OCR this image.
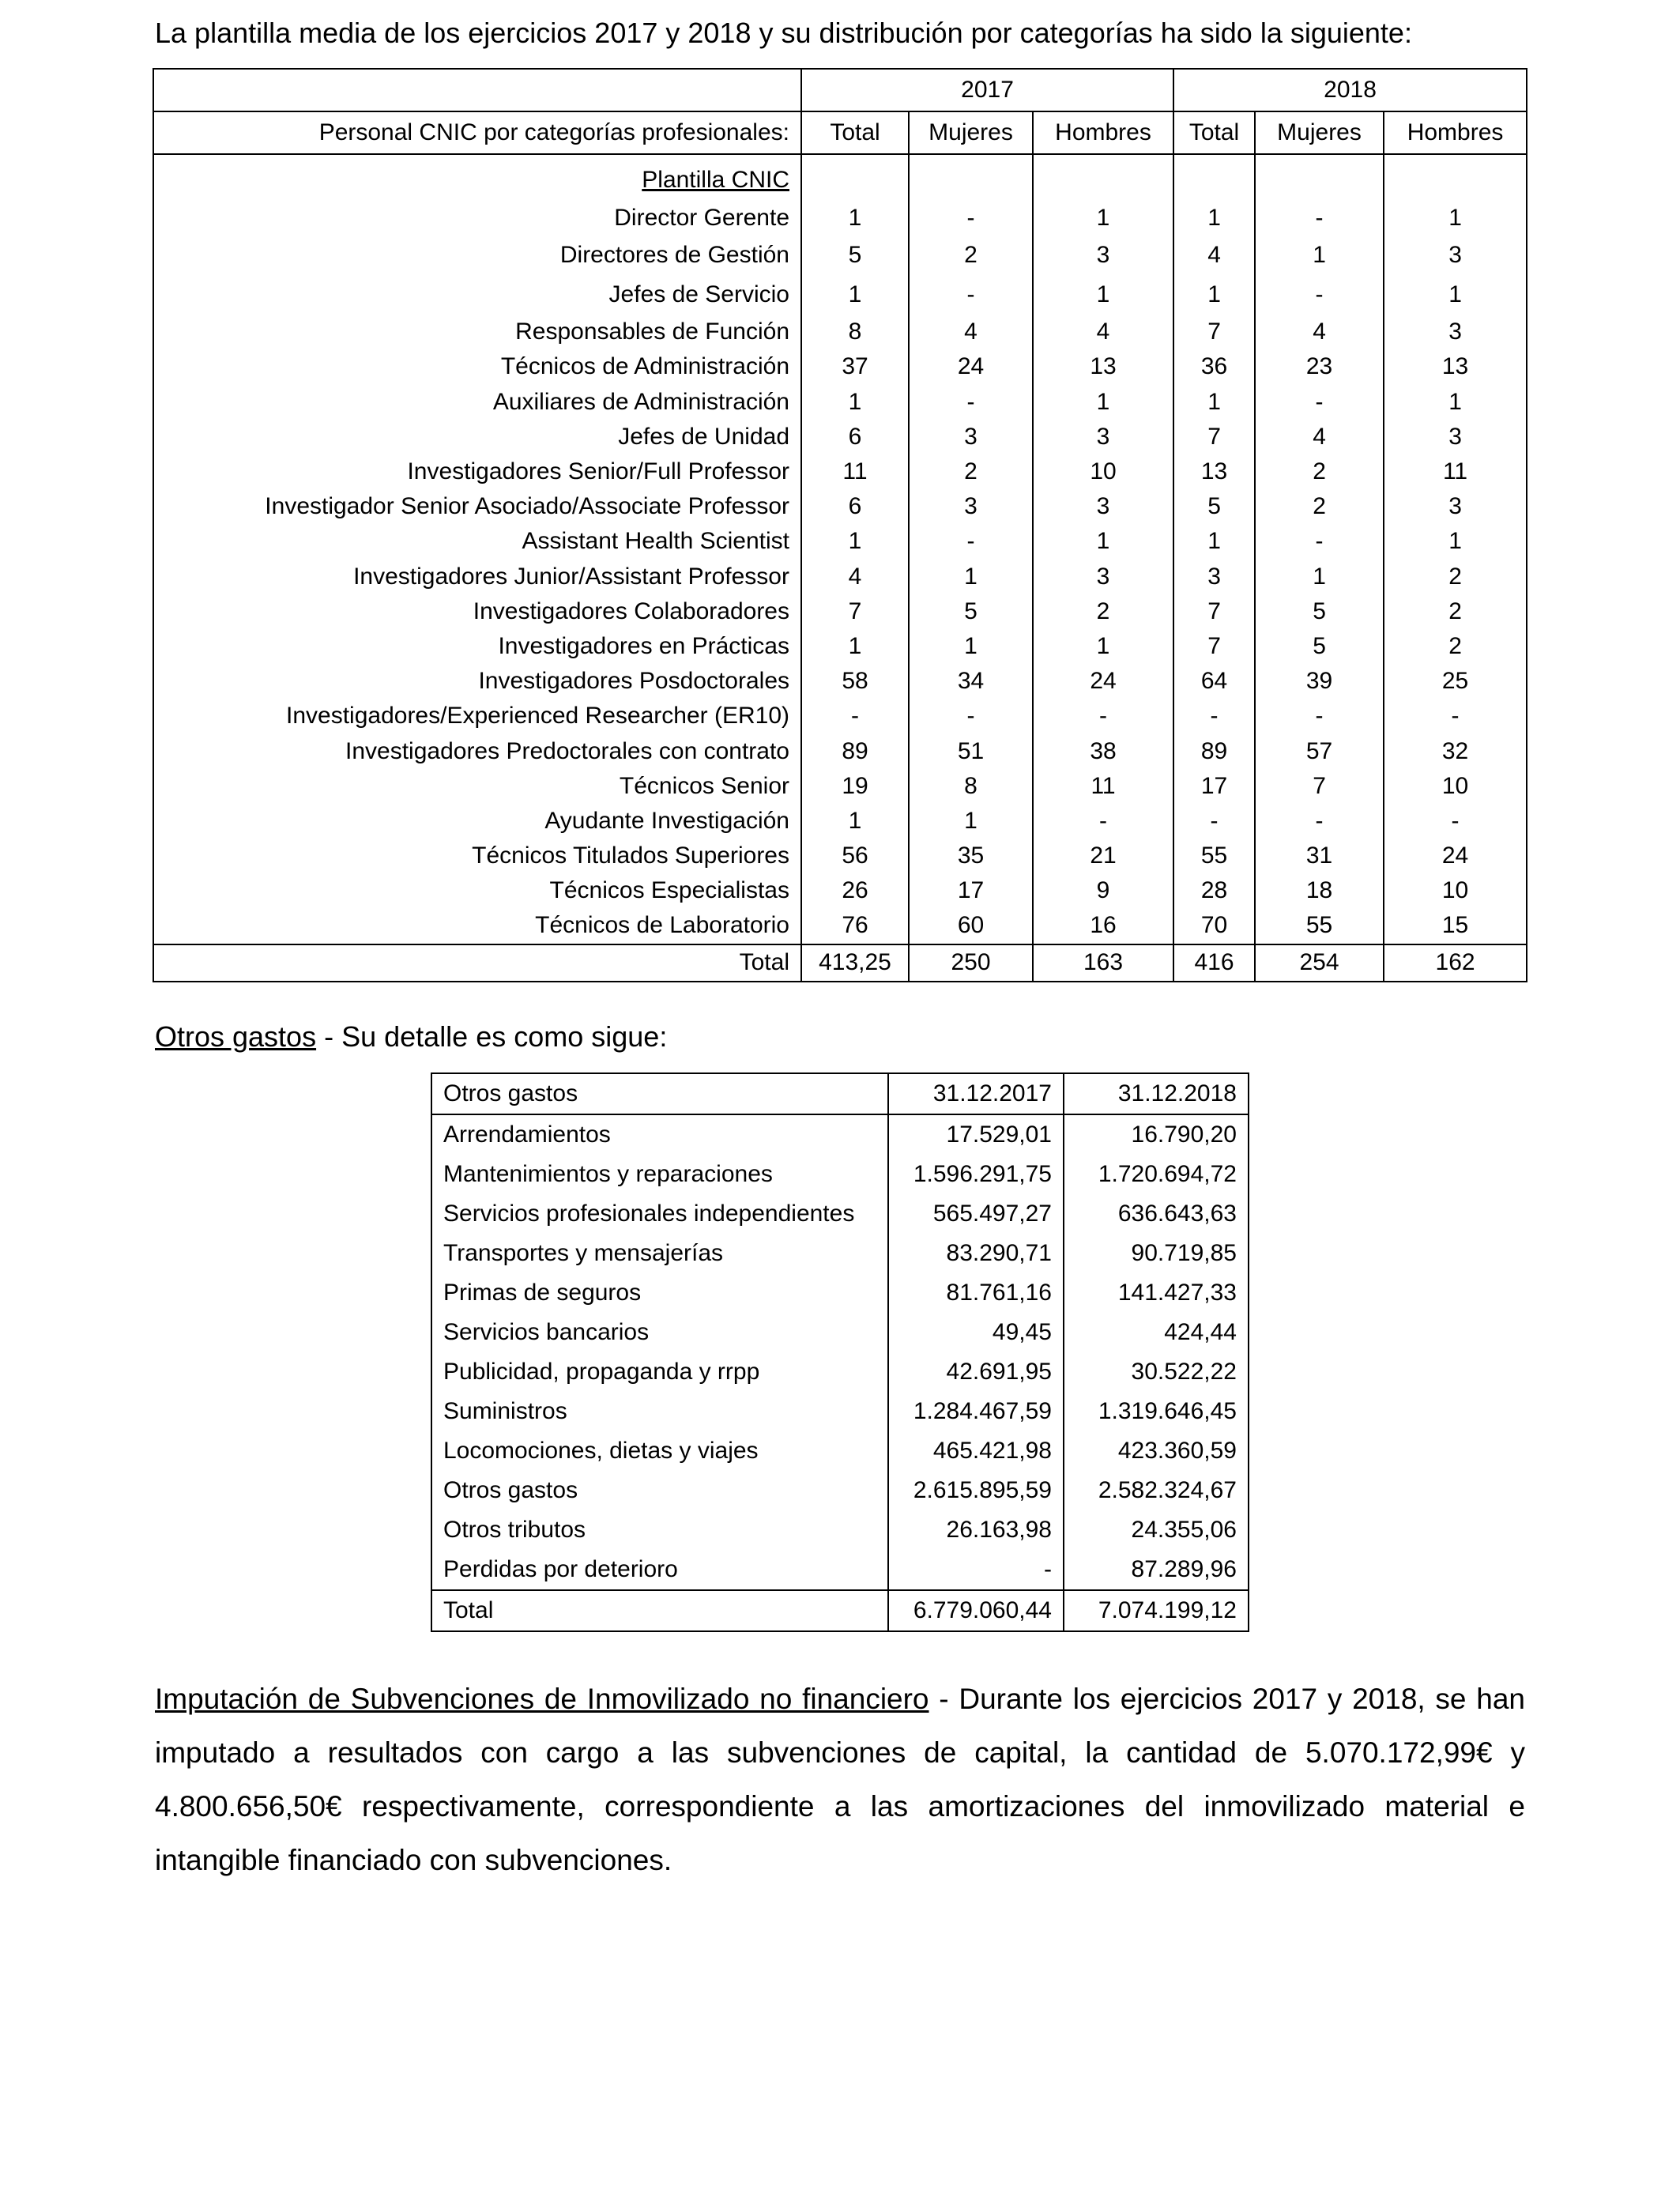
La plantilla media de los ejercicios 2017 y 2018 y su distribución por categorías ha sido la siguiente:

	2017			2018		
Personal CNIC por categorías profesionales:	Total	Mujeres	Hombres	Total	Mujeres	Hombres
Plantilla CNIC						
Director Gerente	1	-	1	1	-	1
Directores de Gestión	5	2	3	4	1	3
Jefes de Servicio	1	-	1	1	-	1
Responsables de Función	8	4	4	7	4	3
Técnicos de Administración	37	24	13	36	23	13
Auxiliares de Administración	1	-	1	1	-	1
Jefes de Unidad	6	3	3	7	4	3
Investigadores Senior/Full Professor	11	2	10	13	2	11
Investigador Senior Asociado/Associate Professor	6	3	3	5	2	3
Assistant Health Scientist	1	-	1	1	-	1
Investigadores Junior/Assistant Professor	4	1	3	3	1	2
Investigadores Colaboradores	7	5	2	7	5	2
Investigadores en Prácticas	1	1	1	7	5	2
Investigadores Posdoctorales	58	34	24	64	39	25
Investigadores/Experienced Researcher (ER10)	-	-	-	-	-	-
Investigadores Predoctorales con contrato	89	51	38	89	57	32
Técnicos Senior	19	8	11	17	7	10
Ayudante Investigación	1	1	-	-	-	-
Técnicos Titulados Superiores	56	35	21	55	31	24
Técnicos Especialistas	26	17	9	28	18	10
Técnicos de Laboratorio	76	60	16	70	55	15
Total	413,25	250	163	416	254	162

Otros gastos - Su detalle es como sigue:

Otros gastos	31.12.2017	31.12.2018
Arrendamientos	17.529,01	16.790,20
Mantenimientos y reparaciones	1.596.291,75	1.720.694,72
Servicios profesionales independientes	565.497,27	636.643,63
Transportes y mensajerías	83.290,71	90.719,85
Primas de seguros	81.761,16	141.427,33
Servicios bancarios	49,45	424,44
Publicidad, propaganda y rrpp	42.691,95	30.522,22
Suministros	1.284.467,59	1.319.646,45
Locomociones, dietas y viajes	465.421,98	423.360,59
Otros gastos	2.615.895,59	2.582.324,67
Otros tributos	26.163,98	24.355,06
Perdidas por deterioro	-	87.289,96
Total	6.779.060,44	7.074.199,12

Imputación de Subvenciones de Inmovilizado no financiero - Durante los ejercicios 2017 y 2018, se han imputado a resultados con cargo a las subvenciones de capital, la cantidad de 5.070.172,99€ y 4.800.656,50€ respectivamente, correspondiente a las amortizaciones del inmovilizado material e intangible financiado con subvenciones.
